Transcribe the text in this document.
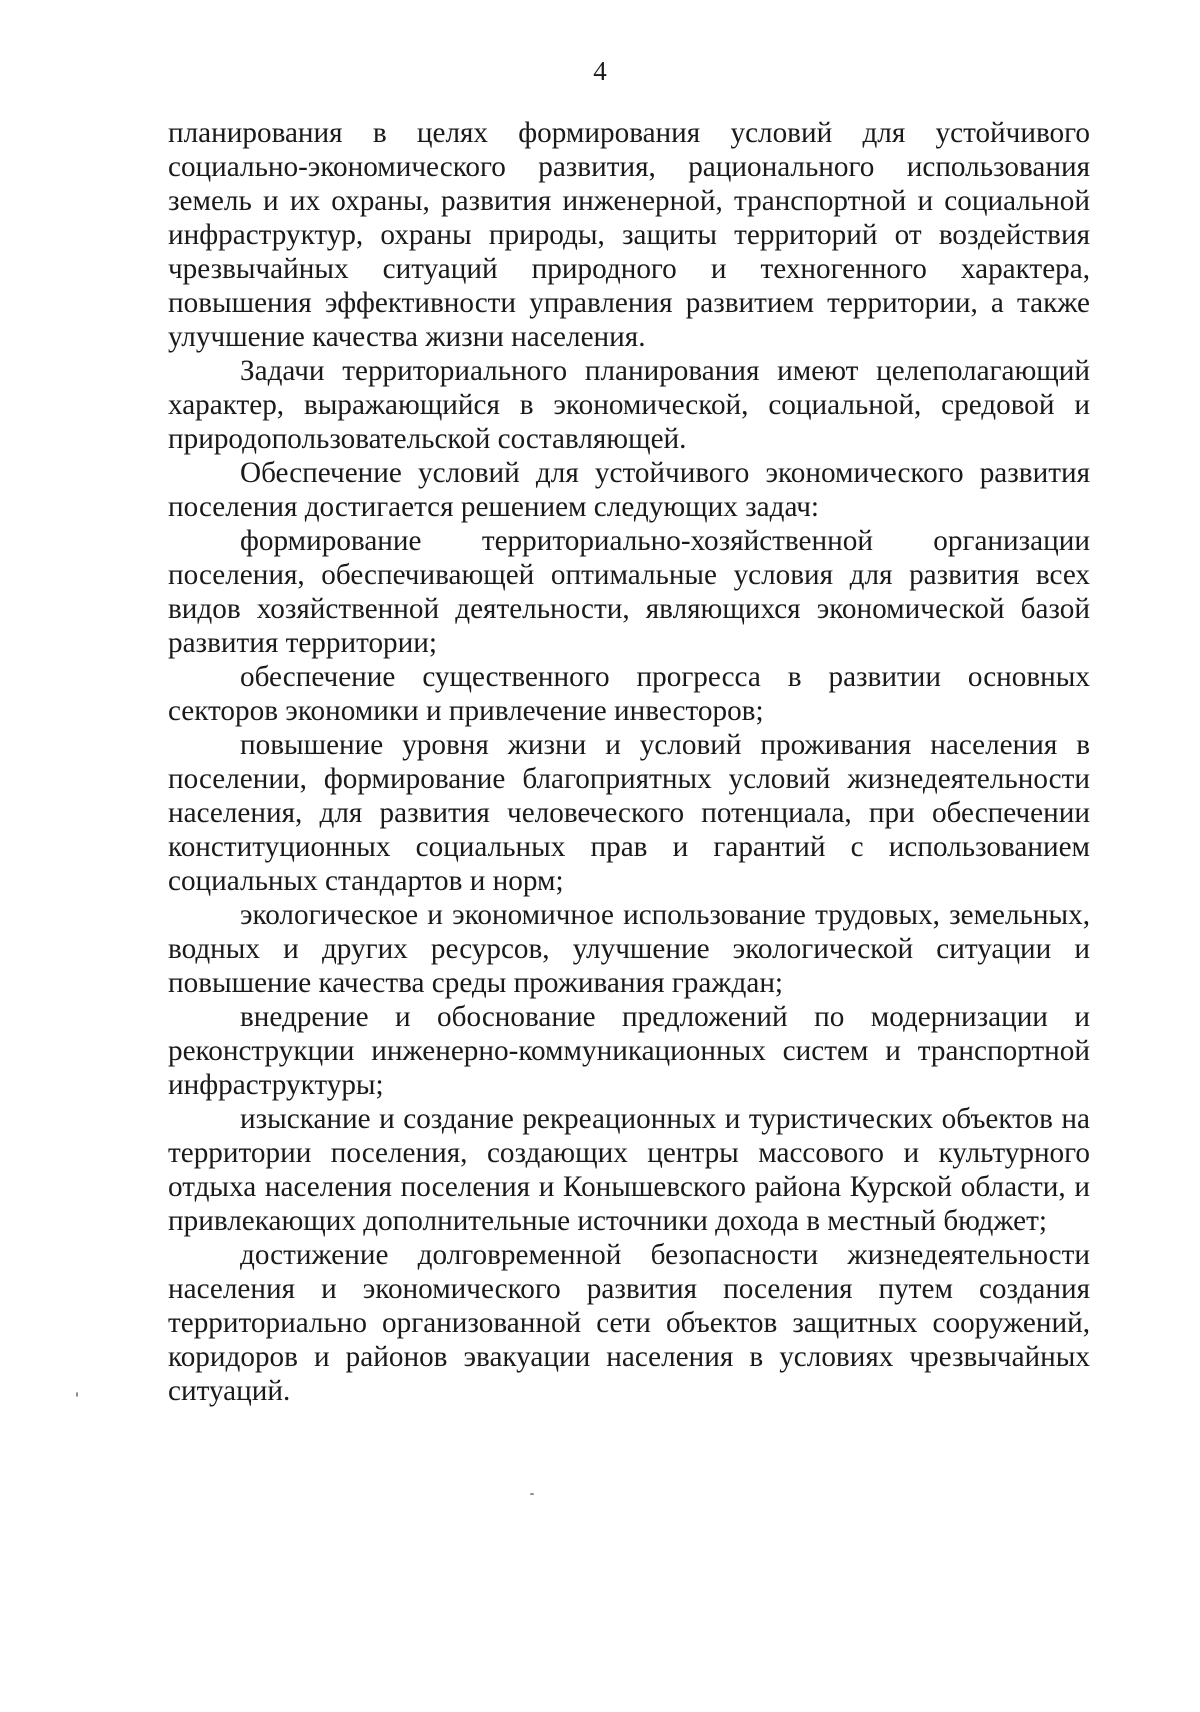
4

планирования в целях формирования условий для устойчивого социально-экономического развития, рационального использования земель и их охраны, развития инженерной, транспортной и социальной инфраструктур, охраны природы, защиты территорий от воздействия чрезвычайных ситуаций природного и техногенного характера, повышения эффективности управления развитием территории, а также улучшение качества жизни населения.

Задачи территориального планирования имеют целеполагающий характер, выражающийся в экономической, социальной, средовой и природопользовательской составляющей.

Обеспечение условий для устойчивого экономического развития поселения достигается решением следующих задач:

формирование территориально-хозяйственной организации поселения, обеспечивающей оптимальные условия для развития всех видов хозяйственной деятельности, являющихся экономической базой развития территории;

обеспечение существенного прогресса в развитии основных секторов экономики и привлечение инвесторов;

повышение уровня жизни и условий проживания населения в поселении, формирование благоприятных условий жизнедеятельности населения, для развития человеческого потенциала, при обеспечении конституционных социальных прав и гарантий с использованием социальных стандартов и норм;

экологическое и экономичное использование трудовых, земельных, водных и других ресурсов, улучшение экологической ситуации и повышение качества среды проживания граждан;

внедрение и обоснование предложений по модернизации и реконструкции инженерно-коммуникационных систем и транспортной инфраструктуры;

изыскание и создание рекреационных и туристических объектов на территории поселения, создающих центры массового и культурного отдыха населения поселения и Конышевского района Курской области, и привлекающих дополнительные источники дохода в местный бюджет;

достижение долговременной безопасности жизнедеятельности населения и экономического развития поселения путем создания территориально организованной сети объектов защитных сооружений, коридоров и районов эвакуации населения в условиях чрезвычайных ситуаций.
